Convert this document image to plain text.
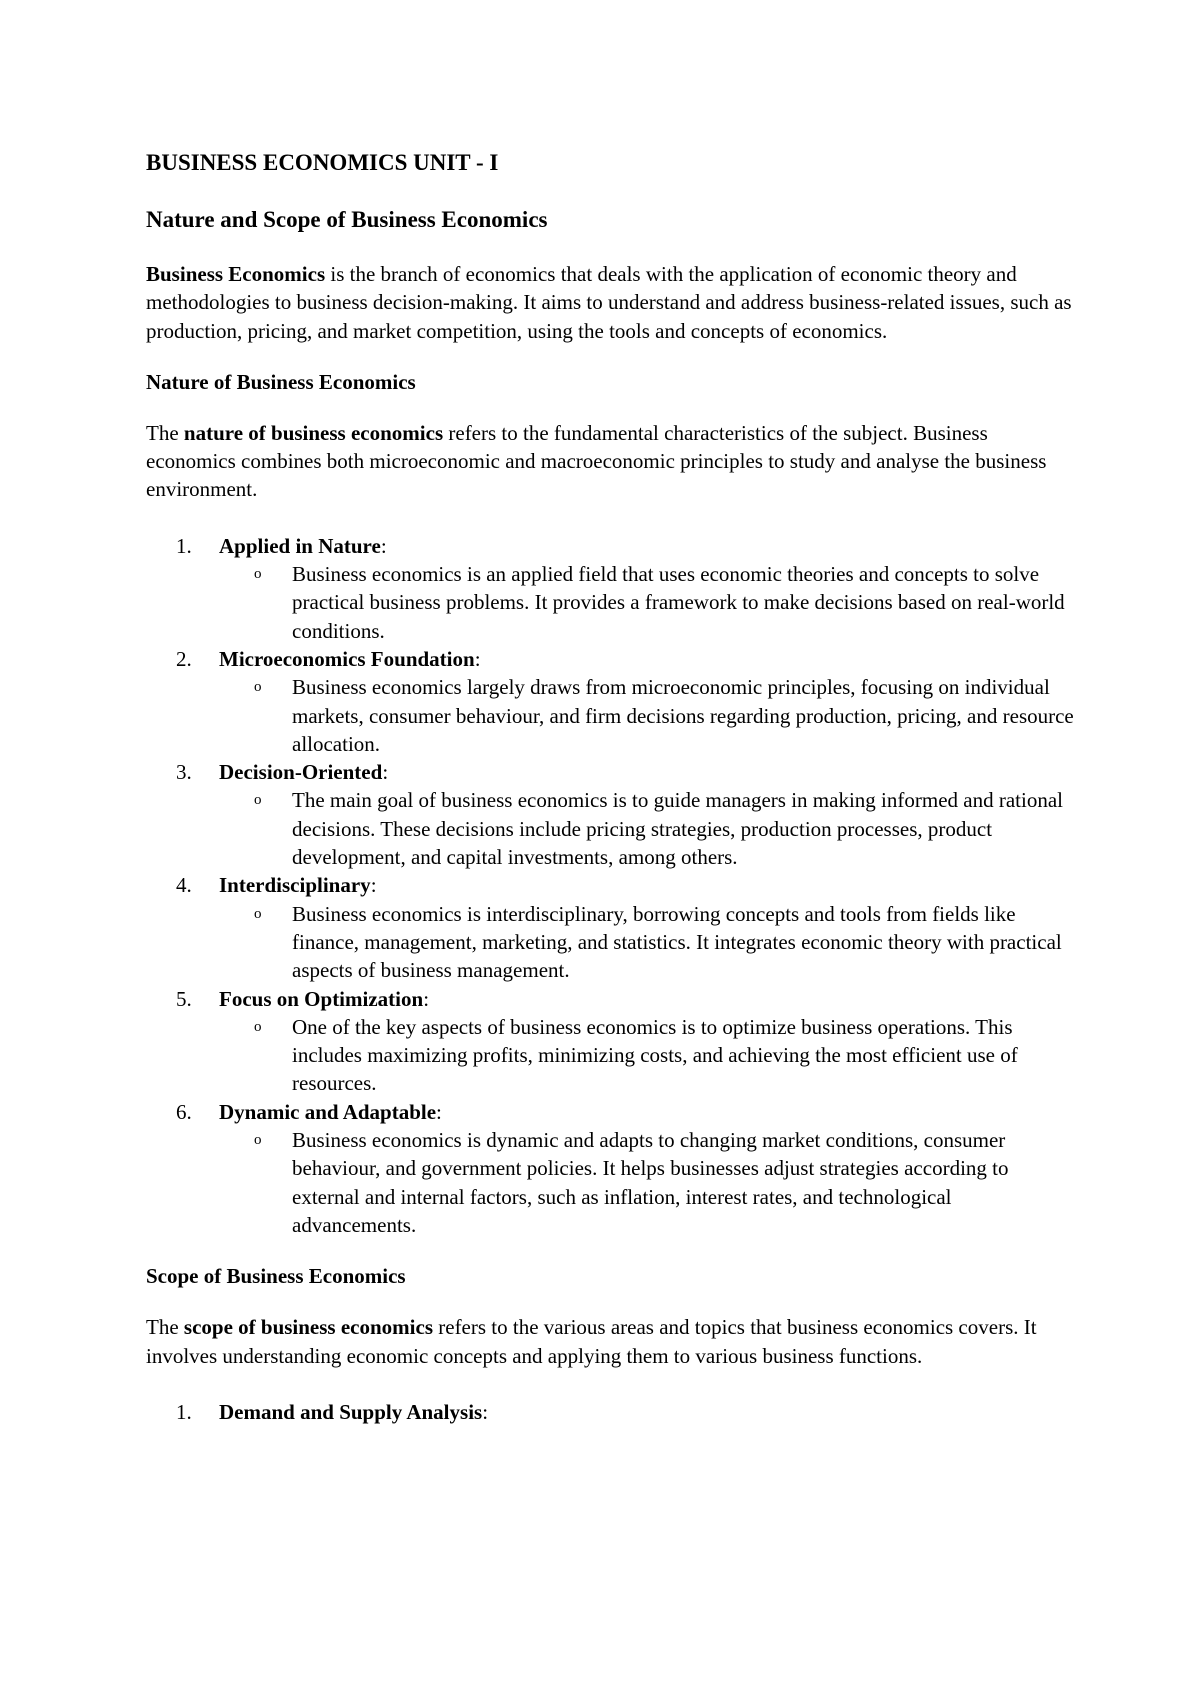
BUSINESS ECONOMICS UNIT - I
Nature and Scope of Business Economics

Business Economics is the branch of economics that deals with the application of economic theory and methodologies to business decision-making. It aims to understand and address business-related issues, such as production, pricing, and market competition, using the tools and concepts of economics.

Nature of Business Economics

The nature of business economics refers to the fundamental characteristics of the subject. Business economics combines both microeconomic and macroeconomic principles to study and analyse the business environment.

1.	Applied in Nature:
o	Business economics is an applied field that uses economic theories and concepts to solve practical business problems. It provides a framework to make decisions based on real-world conditions.
2.	Microeconomics Foundation:
o	Business economics largely draws from microeconomic principles, focusing on individual markets, consumer behaviour, and firm decisions regarding production, pricing, and resource allocation.
3.	Decision-Oriented:
o	The main goal of business economics is to guide managers in making informed and rational decisions. These decisions include pricing strategies, production processes, product development, and capital investments, among others.
4.	Interdisciplinary:
o	Business economics is interdisciplinary, borrowing concepts and tools from fields like finance, management, marketing, and statistics. It integrates economic theory with practical aspects of business management.
5.	Focus on Optimization:
o	One of the key aspects of business economics is to optimize business operations. This includes maximizing profits, minimizing costs, and achieving the most efficient use of resources.
6.	Dynamic and Adaptable:
o	Business economics is dynamic and adapts to changing market conditions, consumer behaviour, and government policies. It helps businesses adjust strategies according to external and internal factors, such as inflation, interest rates, and technological advancements.
Scope of Business Economics

The scope of business economics refers to the various areas and topics that business economics covers. It involves understanding economic concepts and applying them to various business functions.

1.	Demand and Supply Analysis:
